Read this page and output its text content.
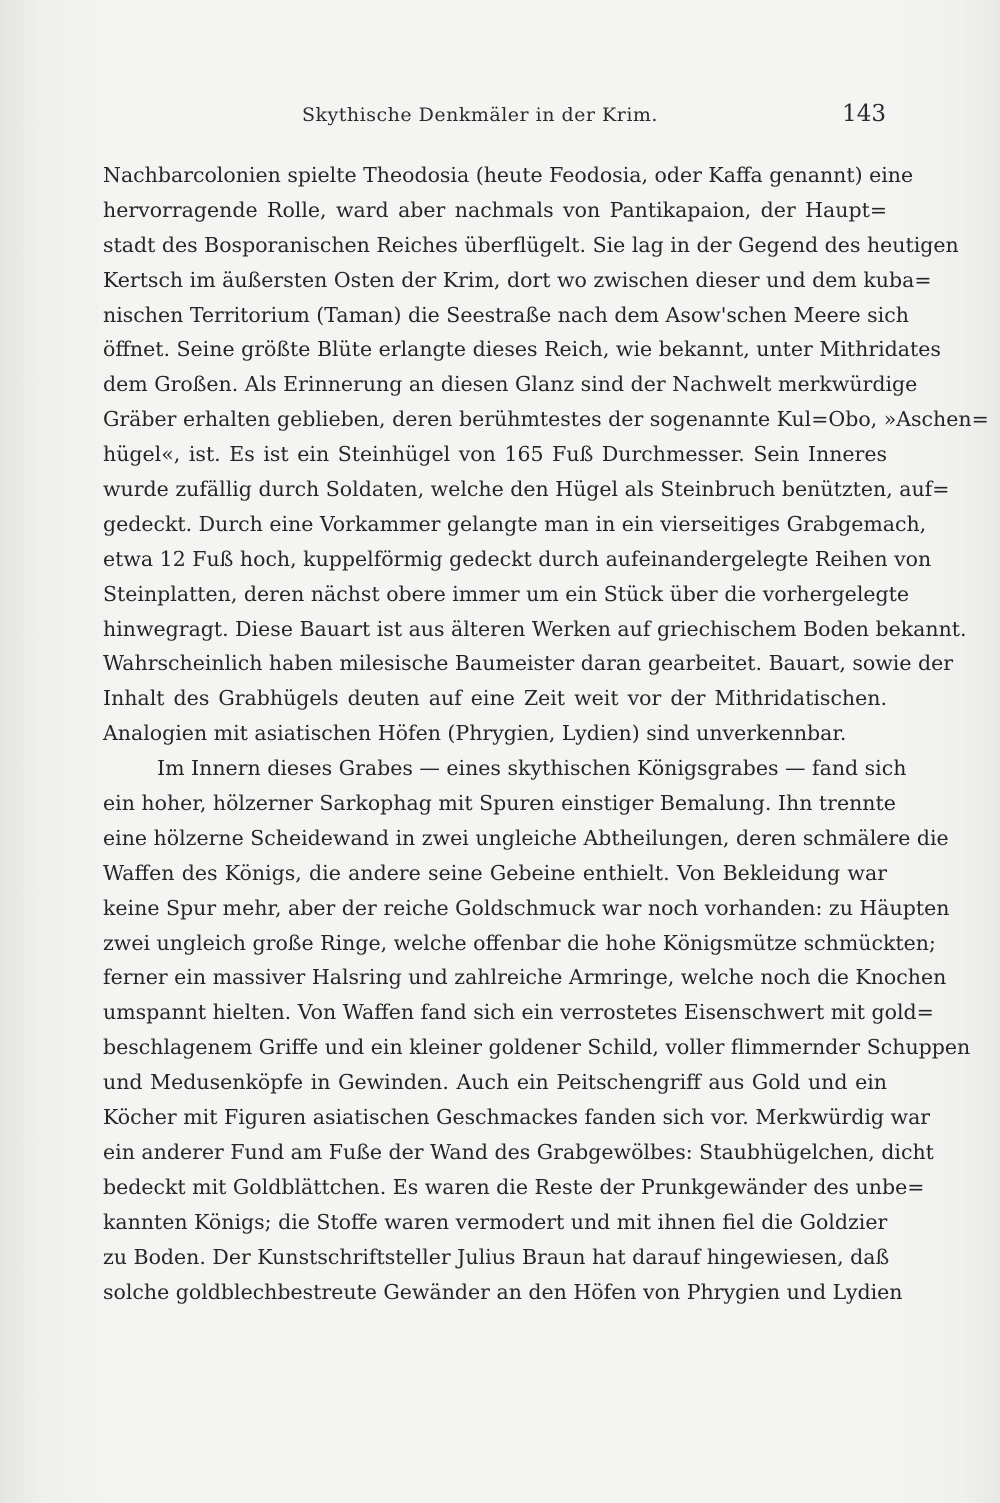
Skythische Denkmäler in der Krim.	143
Nachbarcolonien spielte Theodosia (heute Feodosia, oder Kaffa genannt) eine
hervorragende Rolle, ward aber nachmals von Pantikapaion, der Haupt=
stadt des Bosporanischen Reiches überflügelt. Sie lag in der Gegend des heutigen
Kertsch im äußersten Osten der Krim, dort wo zwischen dieser und dem kuba=
nischen Territorium (Taman) die Seestraße nach dem Asow'schen Meere sich
öffnet. Seine größte Blüte erlangte dieses Reich, wie bekannt, unter Mithridates
dem Großen. Als Erinnerung an diesen Glanz sind der Nachwelt merkwürdige
Gräber erhalten geblieben, deren berühmtestes der sogenannte Kul=Obo, »Aschen=
hügel«, ist. Es ist ein Steinhügel von 165 Fuß Durchmesser. Sein Inneres
wurde zufällig durch Soldaten, welche den Hügel als Steinbruch benützten, auf=
gedeckt. Durch eine Vorkammer gelangte man in ein vierseitiges Grabgemach,
etwa 12 Fuß hoch, kuppelförmig gedeckt durch aufeinandergelegte Reihen von
Steinplatten, deren nächst obere immer um ein Stück über die vorhergelegte
hinwegragt. Diese Bauart ist aus älteren Werken auf griechischem Boden bekannt.
Wahrscheinlich haben milesische Baumeister daran gearbeitet. Bauart, sowie der
Inhalt des Grabhügels deuten auf eine Zeit weit vor der Mithridatischen.
Analogien mit asiatischen Höfen (Phrygien, Lydien) sind unverkennbar.
Im Innern dieses Grabes — eines skythischen Königsgrabes — fand sich
ein hoher, hölzerner Sarkophag mit Spuren einstiger Bemalung. Ihn trennte
eine hölzerne Scheidewand in zwei ungleiche Abtheilungen, deren schmälere die
Waffen des Königs, die andere seine Gebeine enthielt. Von Bekleidung war
keine Spur mehr, aber der reiche Goldschmuck war noch vorhanden: zu Häupten
zwei ungleich große Ringe, welche offenbar die hohe Königsmütze schmückten;
ferner ein massiver Halsring und zahlreiche Armringe, welche noch die Knochen
umspannt hielten. Von Waffen fand sich ein verrostetes Eisenschwert mit gold=
beschlagenem Griffe und ein kleiner goldener Schild, voller flimmernder Schuppen
und Medusenköpfe in Gewinden. Auch ein Peitschengriff aus Gold und ein
Köcher mit Figuren asiatischen Geschmackes fanden sich vor. Merkwürdig war
ein anderer Fund am Fuße der Wand des Grabgewölbes: Staubhügelchen, dicht
bedeckt mit Goldblättchen. Es waren die Reste der Prunkgewänder des unbe=
kannten Königs; die Stoffe waren vermodert und mit ihnen fiel die Goldzier
zu Boden. Der Kunstschriftsteller Julius Braun hat darauf hingewiesen, daß
solche goldblechbestreute Gewänder an den Höfen von Phrygien und Lydien
